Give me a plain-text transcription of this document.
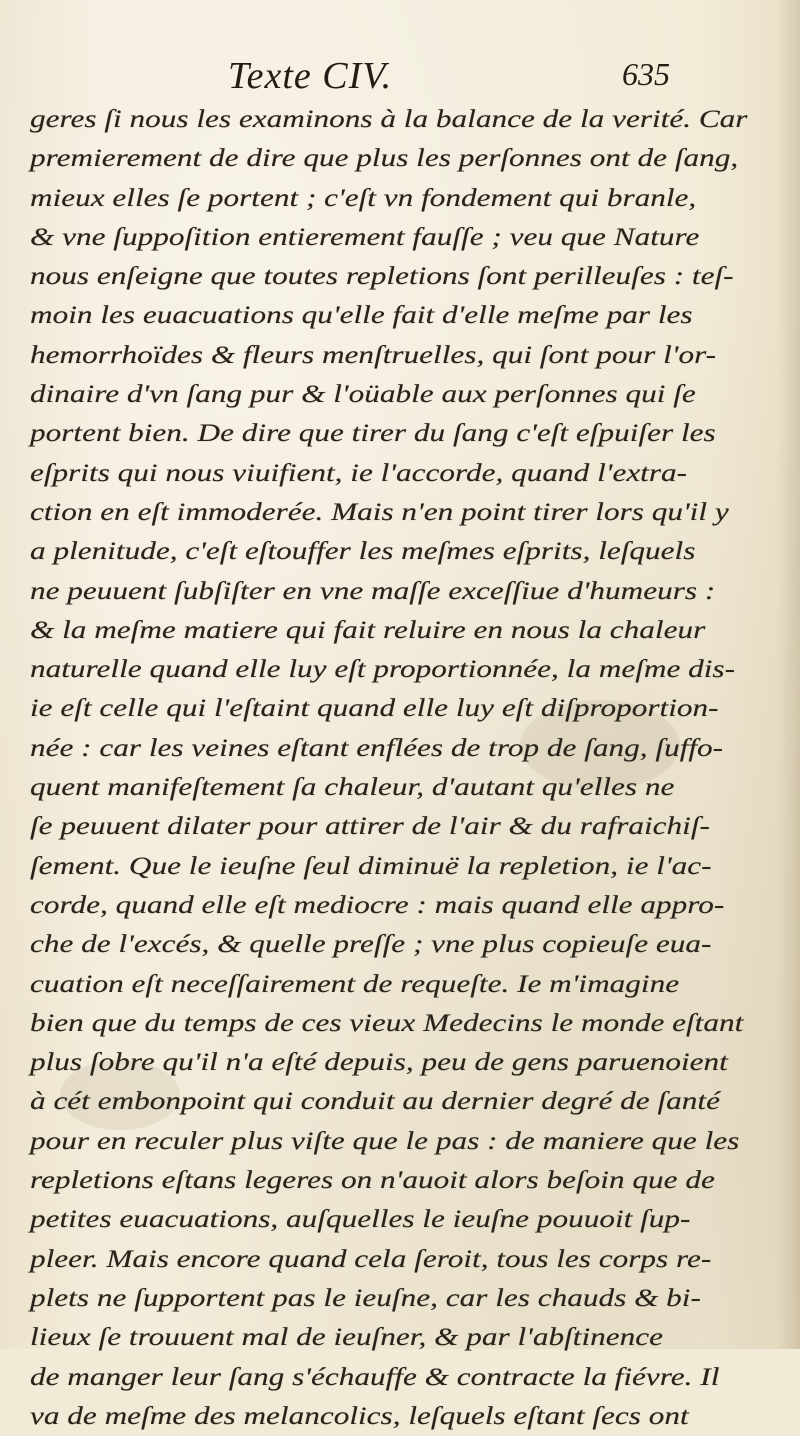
Texte CIV.	635
geres ſi nous les examinons à la balance de la verité. Car
premierement de dire que plus les perſonnes ont de ſang,
mieux elles ſe portent ; c'eſt vn fondement qui branle,
& vne ſuppoſition entierement fauſſe ; veu que Nature
nous enſeigne que toutes repletions ſont perilleuſes : teſ-
moin les euacuations qu'elle fait d'elle meſme par les
hemorrhoïdes & fleurs menſtruelles, qui ſont pour l'or-
dinaire d'vn ſang pur & l'oüable aux perſonnes qui ſe
portent bien. De dire que tirer du ſang c'eſt eſpuiſer les
eſprits qui nous viuifient, ie l'accorde, quand l'extra-
ction en eſt immoderée. Mais n'en point tirer lors qu'il y
a plenitude, c'eſt eſtouffer les meſmes eſprits, leſquels
ne peuuent ſubſiſter en vne maſſe exceſſiue d'humeurs :
& la meſme matiere qui fait reluire en nous la chaleur
naturelle quand elle luy eſt proportionnée, la meſme dis-
ie eſt celle qui l'eſtaint quand elle luy eſt diſproportion-
née : car les veines eſtant enflées de trop de ſang, ſuffo-
quent manifeſtement ſa chaleur, d'autant qu'elles ne
ſe peuuent dilater pour attirer de l'air & du rafraichiſ-
ſement. Que le ieuſne ſeul diminuë la repletion, ie l'ac-
corde, quand elle eſt mediocre : mais quand elle appro-
che de l'excés, & quelle preſſe ; vne plus copieuſe eua-
cuation eſt neceſſairement de requeſte. Ie m'imagine
bien que du temps de ces vieux Medecins le monde eſtant
plus ſobre qu'il n'a eſté depuis, peu de gens paruenoient
à cét embonpoint qui conduit au dernier degré de ſanté
pour en reculer plus viſte que le pas : de maniere que les
repletions eſtans legeres on n'auoit alors beſoin que de
petites euacuations, auſquelles le ieuſne pouuoit ſup-
pleer. Mais encore quand cela ſeroit, tous les corps re-
plets ne ſupportent pas le ieuſne, car les chauds & bi-
lieux ſe trouuent mal de ieuſner, & par l'abſtinence
de manger leur ſang s'échauffe & contracte la fiévre. Il
va de meſme des melancolics, leſquels eſtant ſecs ont
